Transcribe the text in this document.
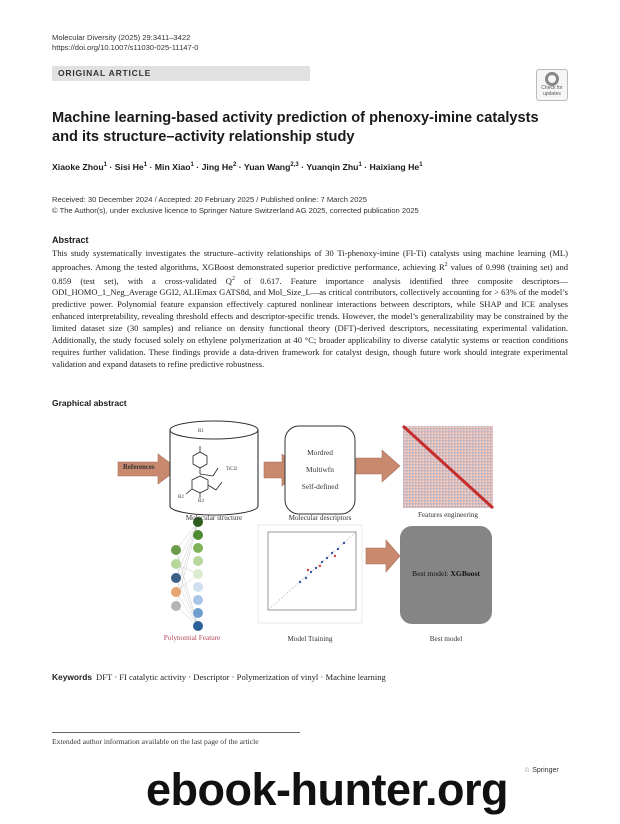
Molecular Diversity (2025) 29:3411–3422
https://doi.org/10.1007/s11030-025-11147-0
ORIGINAL ARTICLE
Check for updates
Machine learning-based activity prediction of phenoxy-imine catalysts and its structure–activity relationship study
Xiaoke Zhou$^1$ · Sisi $He^1$ · Min Xiao$^1$ · Jing $He^2$ · Yuan Wang$^{2,3}$ · Yuanqin Zhu$^1$ · Haixiang He$^1$
Received: 30 December 2024 / Accepted: 20 February 2025 / Published online: 7 March 2025
© The Author(s), under exclusive licence to Springer Nature Switzerland AG 2025, corrected publication 2025
Abstract
This study systematically investigates the structure–activity relationships of 30 Ti-phenoxy-imine (FI-Ti) catalysts using machine learning (ML) approaches. Among the tested algorithms, XGBoost demonstrated superior predictive performance, achieving $R^2$ values of 0.998 (training set) and 0.859 (test set), with a cross-validated $Q^2$ of 0.617. Feature importance analysis identified three composite descriptors—ODI_HOMO_1_Neg_Average GGI2, ALIEmax GATS8d, and Mol_Size_L—as critical contributors, collectively accounting for > 63% of the model’s predictive power. Polynomial feature expansion effectively captured nonlinear interactions between descriptors, while SHAP and ICE analyses enhanced interpretability, revealing threshold effects and descriptor-specific trends. However, the model’s generalizability may be constrained by the limited dataset size (30 samples) and reliance on density functional theory (DFT)-derived descriptors, necessitating experimental validation. Additionally, the study focused solely on ethylene polymerization at 40 °C; broader applicability to diverse catalytic systems or reaction conditions requires further validation. These findings provide a data-driven framework for catalyst design, though future work should integrate experimental validation and expand datasets to refine predictive robustness.
Graphical abstract
References
R1
TiCl2
R2
R3
Molecular structure
Mordred
Multiwfn
Self-defined
Molecular descriptors	Features engineering
Polynomial Feature	Model Training
Best model: XGBoost
Best model
Keywords DFT · FI catalytic activity · Descriptor · Polymerization of vinyl · Machine learning
Extended author information available on the last page of the article
♘ Springer
ebook-hunter.org
